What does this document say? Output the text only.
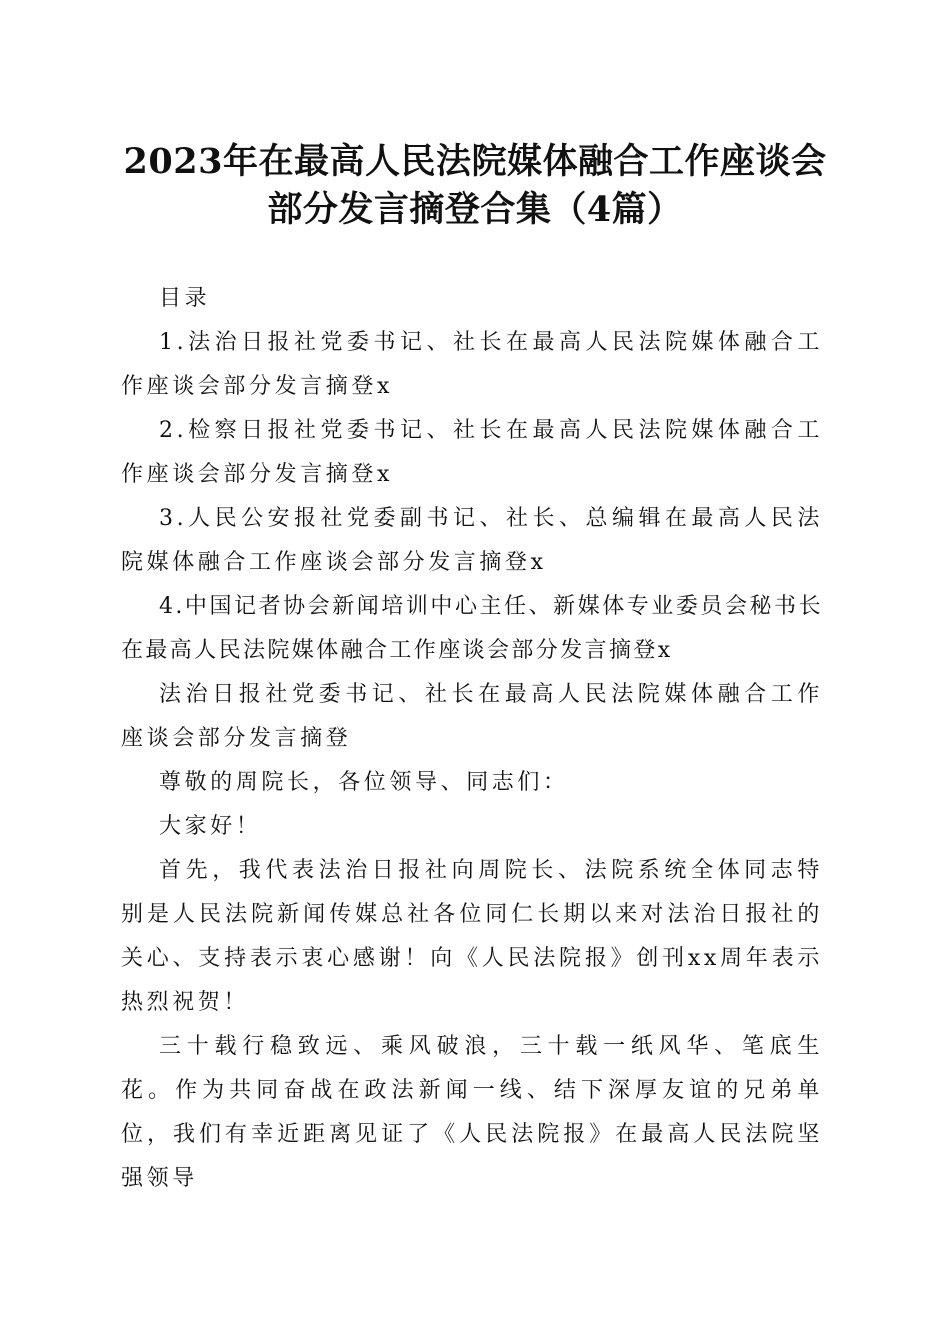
2023年在最高人民法院媒体融合工作座谈会
部分发言摘登合集（4篇）

目录

1.法治日报社党委书记、社长在最高人民法院媒体融合工作座谈会部分发言摘登x

2.检察日报社党委书记、社长在最高人民法院媒体融合工作座谈会部分发言摘登x

3.人民公安报社党委副书记、社长、总编辑在最高人民法院媒体融合工作座谈会部分发言摘登x

4.中国记者协会新闻培训中心主任、新媒体专业委员会秘书长在最高人民法院媒体融合工作座谈会部分发言摘登x

法治日报社党委书记、社长在最高人民法院媒体融合工作座谈会部分发言摘登

尊敬的周院长，各位领导、同志们：

大家好！

首先，我代表法治日报社向周院长、法院系统全体同志特别是人民法院新闻传媒总社各位同仁长期以来对法治日报社的关心、支持表示衷心感谢！向《人民法院报》创刊xx周年表示热烈祝贺！

三十载行稳致远、乘风破浪，三十载一纸风华、笔底生花。作为共同奋战在政法新闻一线、结下深厚友谊的兄弟单位，我们有幸近距离见证了《人民法院报》在最高人民法院坚强领导
